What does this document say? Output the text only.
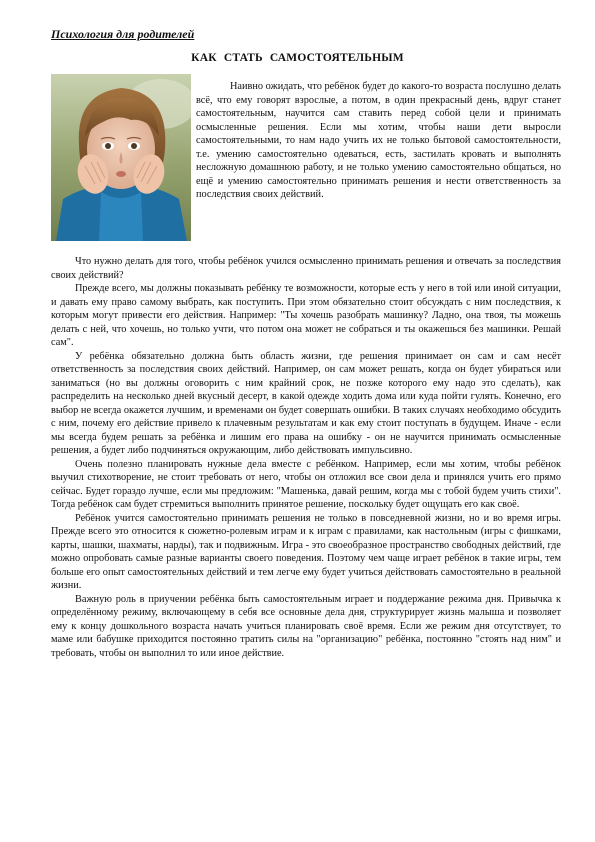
Психология для родителей
КАК СТАТЬ САМОСТОЯТЕЛЬНЫМ

Наивно ожидать, что ребёнок будет до какого-то возраста послушно делать всё, что ему говорят взрослые, а потом, в один прекрасный день, вдруг станет самостоятельным, научится сам ставить перед собой цели и принимать осмысленные решения. Если мы хотим, чтобы наши дети выросли самостоятельными, то нам надо учить их не только бытовой самостоятельности, т.е. умению самостоятельно одеваться, есть, застилать кровать и выполнять несложную домашнюю работу, и не только умению самостоятельно общаться, но ещё и умению самостоятельно принимать решения и нести ответственность за последствия своих действий.

Что нужно делать для того, чтобы ребёнок учился осмысленно принимать решения и отвечать за последствия своих действий?

Прежде всего, мы должны показывать ребёнку те возможности, которые есть у него в той или иной ситуации, и давать ему право самому выбрать, как поступить. При этом обязательно стоит обсуждать с ним последствия, к которым могут привести его действия. Например: "Ты хочешь разобрать машинку? Ладно, она твоя, ты можешь делать с ней, что хочешь, но только учти, что потом она может не собраться и ты окажешься без машинки. Решай сам".

У ребёнка обязательно должна быть область жизни, где решения принимает он сам и сам несёт ответственность за последствия своих действий. Например, он сам может решать, когда он будет убираться или заниматься (но вы должны оговорить с ним крайний срок, не позже которого ему надо это сделать), как распределить на несколько дней вкусный десерт, в какой одежде ходить дома или куда пойти гулять. Конечно, его выбор не всегда окажется лучшим, и временами он будет совершать ошибки. В таких случаях необходимо обсудить с ним, почему его действие привело к плачевным результатам и как ему стоит поступать в будущем. Иначе - если мы всегда будем решать за ребёнка и лишим его права на ошибку - он не научится принимать осмысленные решения, а будет либо подчиняться окружающим, либо действовать импульсивно.

Очень полезно планировать нужные дела вместе с ребёнком. Например, если мы хотим, чтобы ребёнок выучил стихотворение, не стоит требовать от него, чтобы он отложил все свои дела и принялся учить его прямо сейчас. Будет гораздо лучше, если мы предложим: "Машенька, давай решим, когда мы с тобой будем учить стихи". Тогда ребёнок сам будет стремиться выполнить принятое решение, поскольку будет ощущать его как своё.

Ребёнок учится самостоятельно принимать решения не только в повседневной жизни, но и во время игры. Прежде всего это относится к сюжетно-ролевым играм и к играм с правилами, как настольным (игры с фишками, карты, шашки, шахматы, нарды), так и подвижным. Игра - это своеобразное пространство свободных действий, где можно опробовать самые разные варианты своего поведения. Поэтому чем чаще играет ребёнок в такие игры, тем больше его опыт самостоятельных действий и тем легче ему будет учиться действовать самостоятельно в реальной жизни.

Важную роль в приучении ребёнка быть самостоятельным играет и поддержание режима дня. Привычка к определённому режиму, включающему в себя все основные дела дня, структурирует жизнь малыша и позволяет ему к концу дошкольного возраста начать учиться планировать своё время. Если же режим дня отсутствует, то маме или бабушке приходится постоянно тратить силы на "организацию" ребёнка, постоянно "стоять над ним" и требовать, чтобы он выполнил то или иное действие.
